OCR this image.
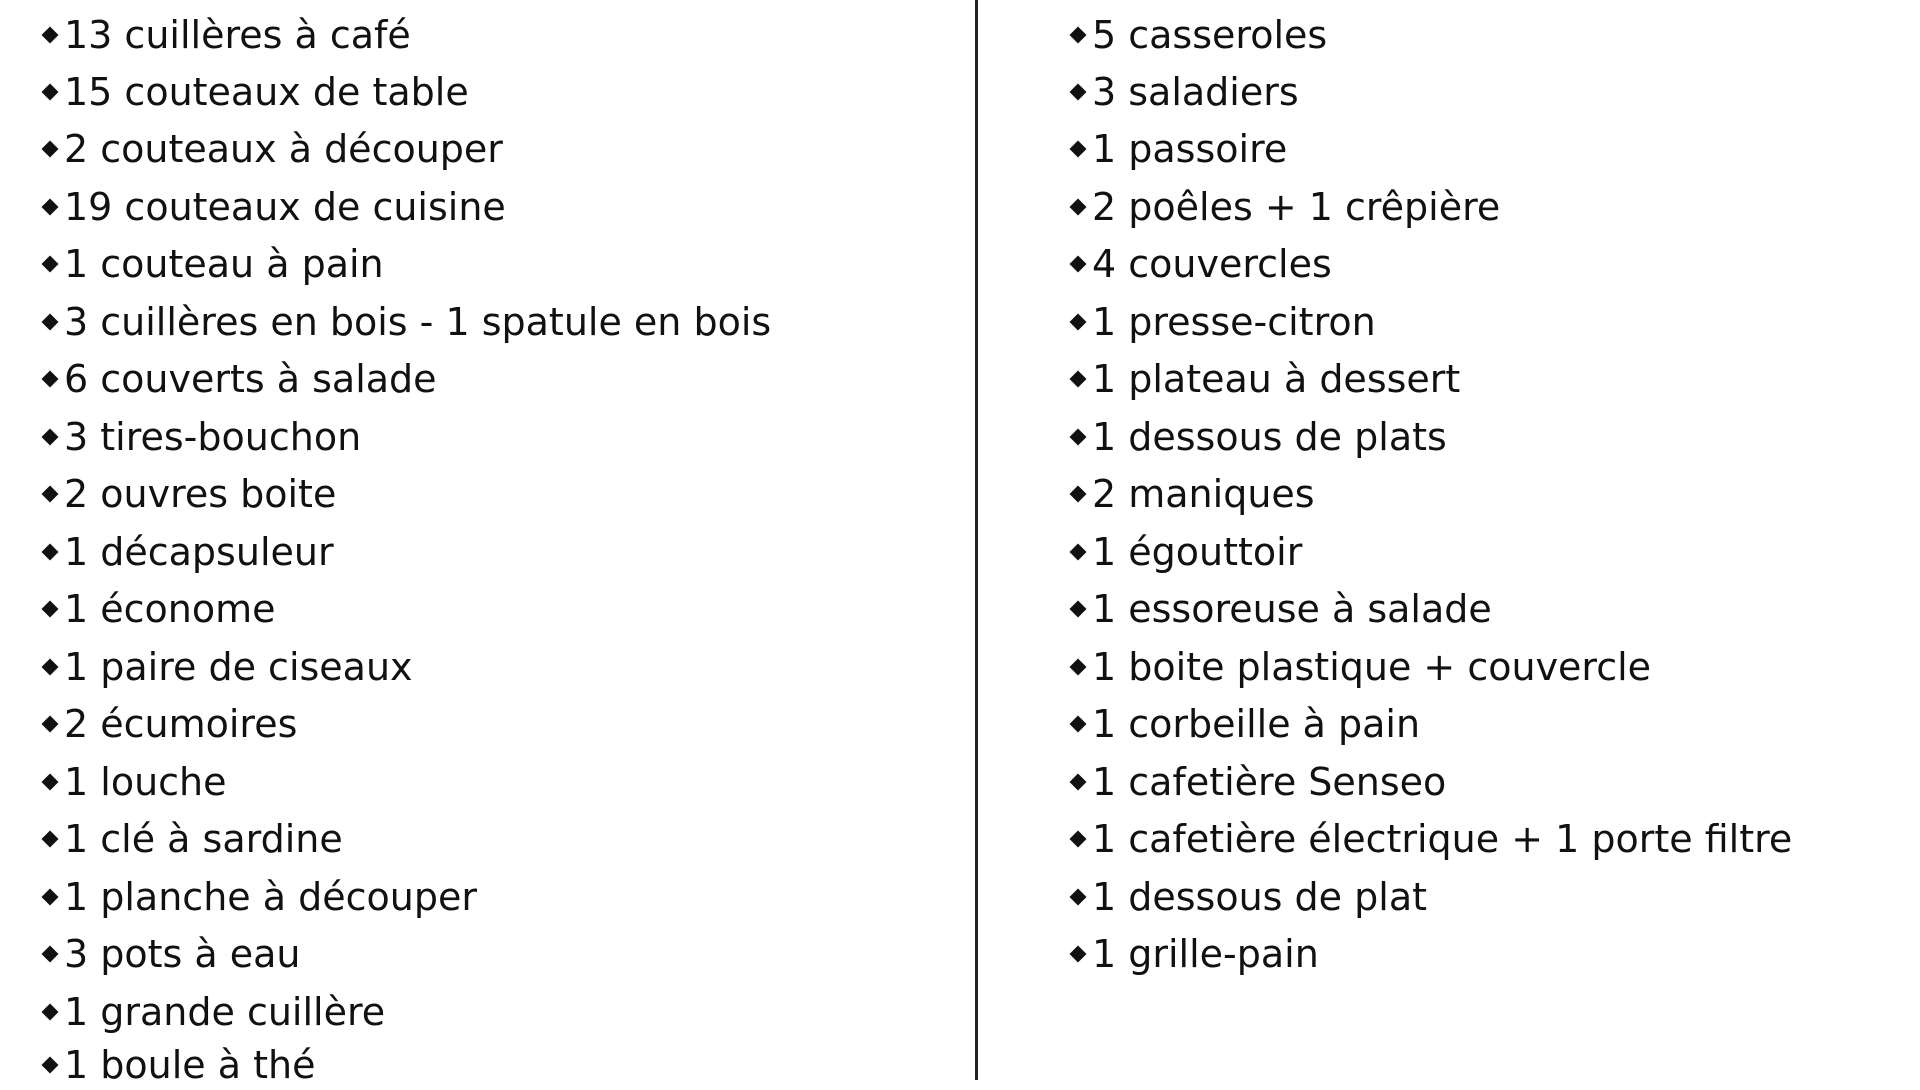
13 cuillères à café
15 couteaux de table
2 couteaux à découper
19 couteaux de cuisine
1 couteau à pain
3 cuillères en bois - 1 spatule en bois
6 couverts à salade
3 tires-bouchon
2 ouvres boite
1 décapsuleur
1 économe
1 paire de ciseaux
2 écumoires
1 louche
1 clé à sardine
1 planche à découper
3 pots à eau
1 grande cuillère
1 boule à thé
5 casseroles
3 saladiers
1 passoire
2 poêles + 1 crêpière
4 couvercles
1 presse-citron
1 plateau à dessert
1 dessous de plats
2 maniques
1 égouttoir
1 essoreuse à salade
1 boite plastique + couvercle
1 corbeille à pain
1 cafetière Senseo
1 cafetière électrique + 1 porte filtre
1 dessous de plat
1 grille-pain
